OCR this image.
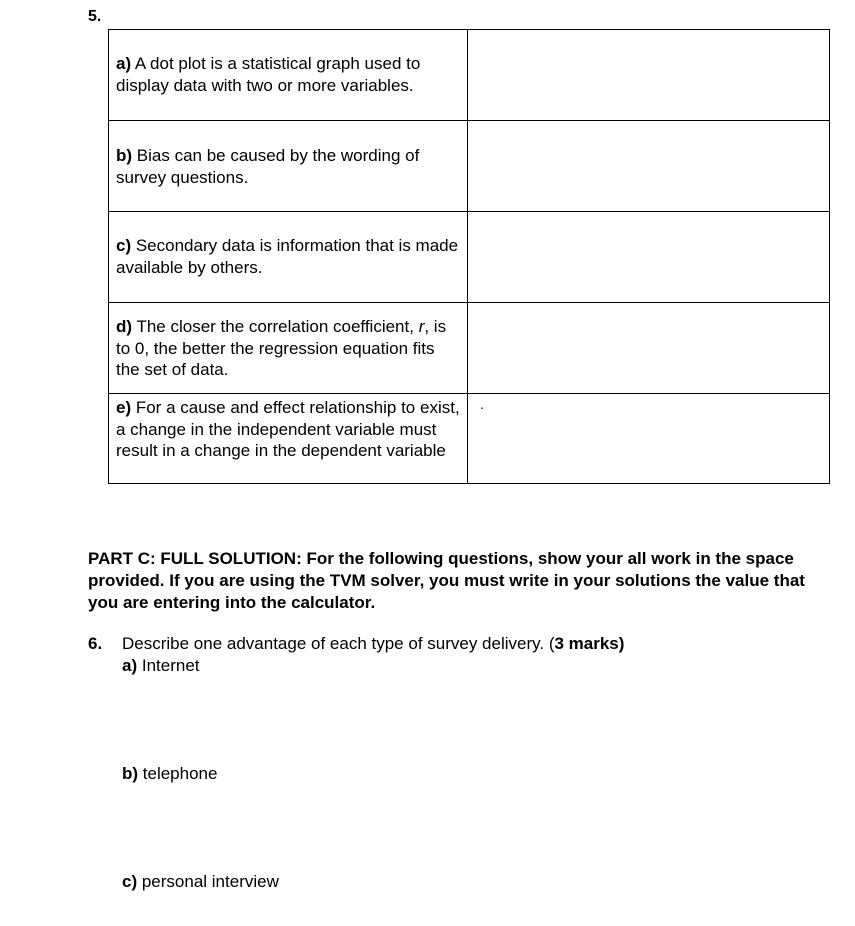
5.
a) A dot plot is a statistical graph used to display data with two or more variables.	

b) Bias can be caused by the wording of survey questions.	

c) Secondary data is information that is made available by others.	

d) The closer the correlation coefficient, r, is to 0, the better the regression equation fits the set of data.	

e) For a cause and effect relationship to exist, a change in the independent variable must result in a change in the dependent variable	.
PART C: FULL SOLUTION: For the following questions, show your all work in the space provided. If you are using the TVM solver, you must write in your solutions the value that you are entering into the calculator.
6. Describe one advantage of each type of survey delivery. (3 marks)
a) Internet
b) telephone
c) personal interview
